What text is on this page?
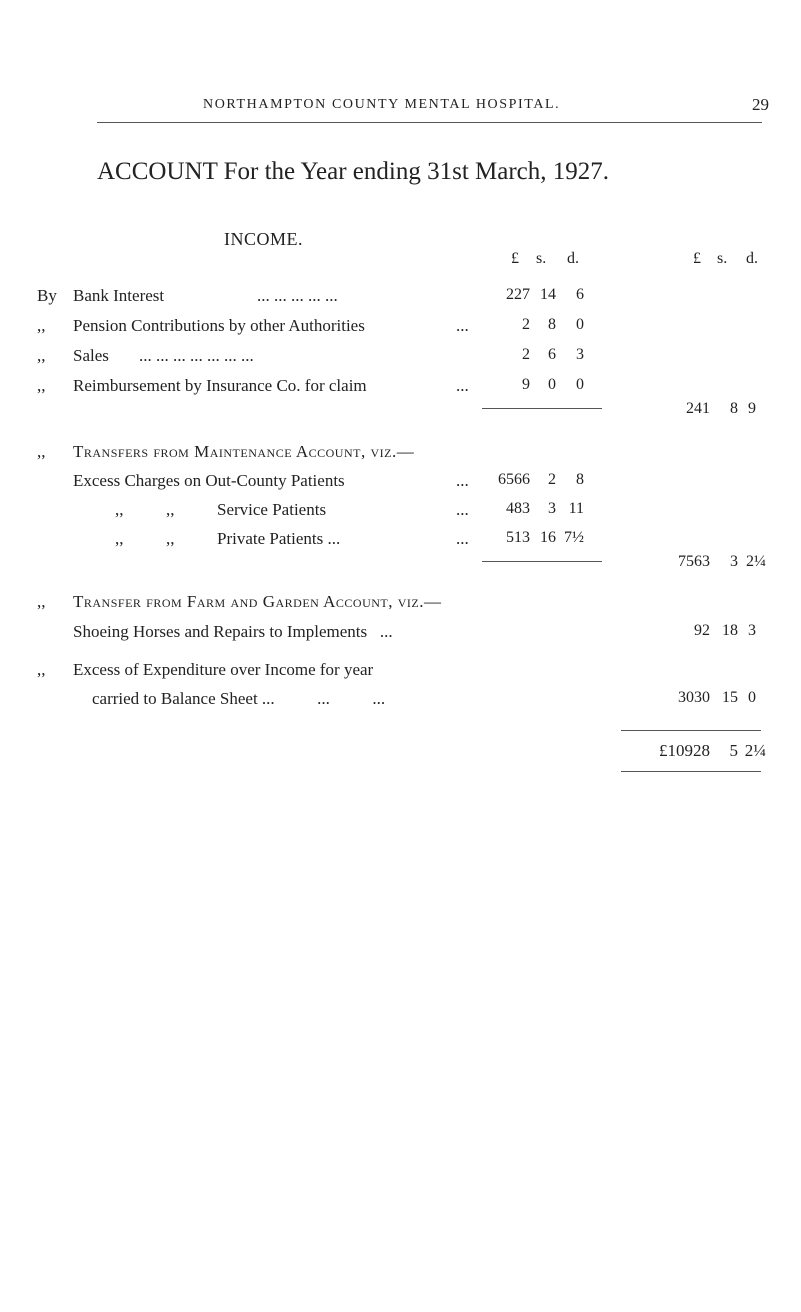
NORTHAMPTON COUNTY MENTAL HOSPITAL.	29
ACCOUNT For the Year ending 31st March, 1927.
INCOME.
£ s. d.	£ s. d.
By Bank Interest	... ... ... ... ...	227 14	6
,, Pension Contributions by other Authorities	...	2	8	0
,, Sales ... ... ... ... ... ... ...	2	6	3
,, Reimbursement by Insurance Co. for claim	...	9	0	0
241	8 9
,, Transfers from Maintenance Account, viz.—
Excess Charges on Out-County Patients	...	6566	2	8
,,          ,,          Service Patients	...	483	3 11
,,          ,,          Private Patients ...	...	513 16 7½
7563	3 2¼
,, Transfer from Farm and Garden Account, viz.—
Shoeing Horses and Repairs to Implements   ...	92 18 3
,, Excess of Expenditure over Income for year
carried to Balance Sheet ...          ...          ...	3030 15 0
£10928	5 2¼
